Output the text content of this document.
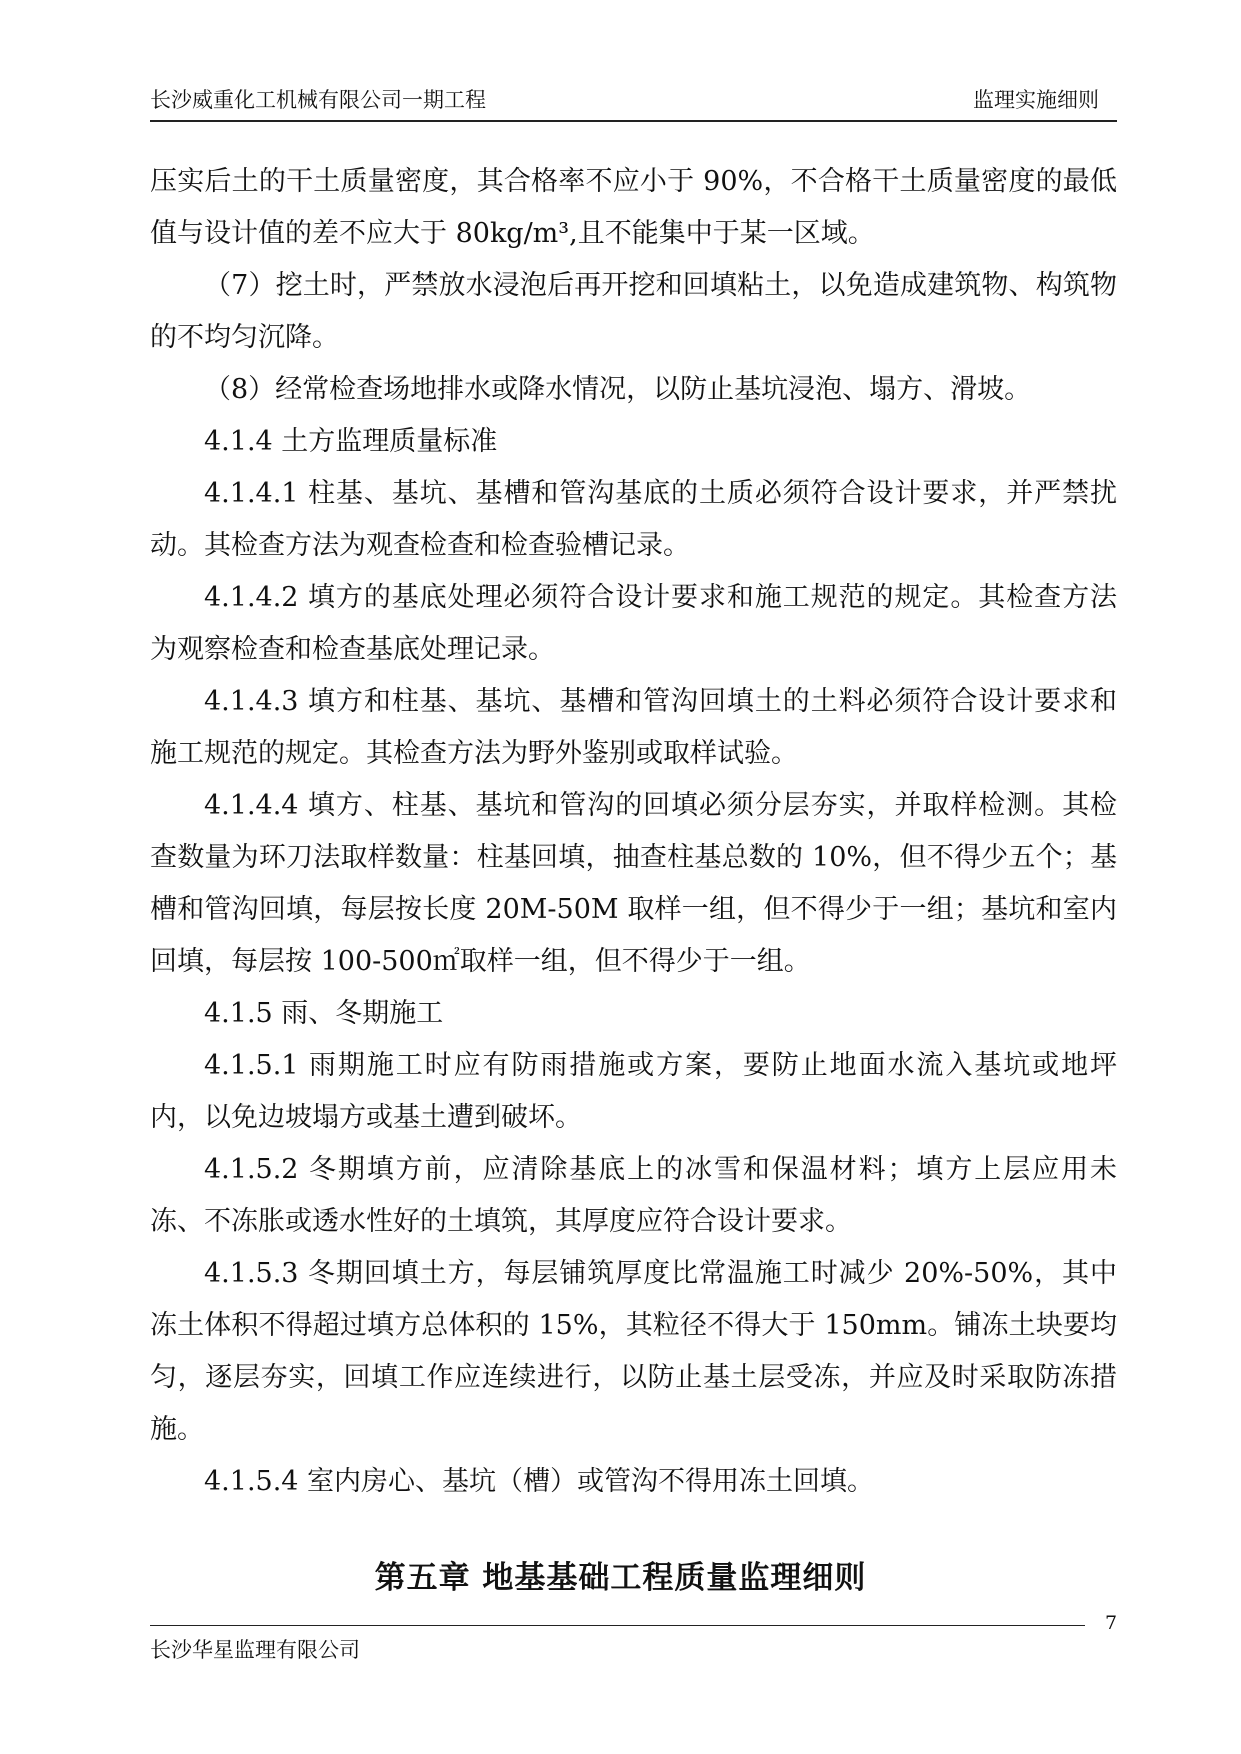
长沙威重化工机械有限公司一期工程	监理实施细则

压实后土的干土质量密度，其合格率不应小于 90%，不合格干土质量密度的最低值与设计值的差不应大于 80kg/m³,且不能集中于某一区域。

（7）挖土时，严禁放水浸泡后再开挖和回填粘土，以免造成建筑物、构筑物的不均匀沉降。

（8）经常检查场地排水或降水情况，以防止基坑浸泡、塌方、滑坡。

4.1.4 土方监理质量标准

4.1.4.1 柱基、基坑、基槽和管沟基底的土质必须符合设计要求，并严禁扰动。其检查方法为观查检查和检查验槽记录。

4.1.4.2 填方的基底处理必须符合设计要求和施工规范的规定。其检查方法为观察检查和检查基底处理记录。

4.1.4.3 填方和柱基、基坑、基槽和管沟回填土的土料必须符合设计要求和施工规范的规定。其检查方法为野外鉴别或取样试验。

4.1.4.4 填方、柱基、基坑和管沟的回填必须分层夯实，并取样检测。其检查数量为环刀法取样数量：柱基回填，抽查柱基总数的 10%，但不得少五个；基槽和管沟回填，每层按长度 20M-50M 取样一组，但不得少于一组；基坑和室内回填，每层按 100-500㎡取样一组，但不得少于一组。

4.1.5 雨、冬期施工

4.1.5.1 雨期施工时应有防雨措施或方案，要防止地面水流入基坑或地坪内，以免边坡塌方或基土遭到破坏。

4.1.5.2 冬期填方前，应清除基底上的冰雪和保温材料；填方上层应用未冻、不冻胀或透水性好的土填筑，其厚度应符合设计要求。

4.1.5.3 冬期回填土方，每层铺筑厚度比常温施工时减少 20%-50%，其中冻土体积不得超过填方总体积的 15%，其粒径不得大于 150mm。铺冻土块要均匀，逐层夯实，回填工作应连续进行，以防止基土层受冻，并应及时采取防冻措施。

4.1.5.4 室内房心、基坑（槽）或管沟不得用冻土回填。

第五章 地基基础工程质量监理细则
长沙华星监理有限公司
7
